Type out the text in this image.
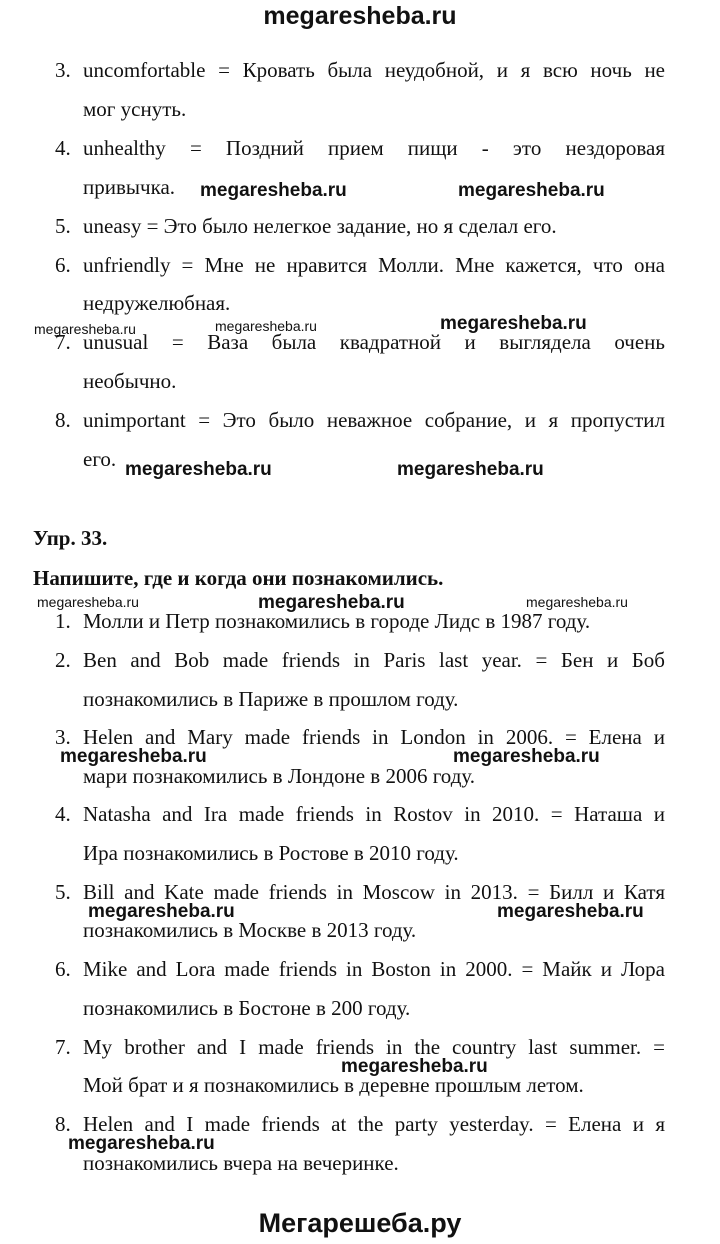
megaresheba.ru
3. uncomfortable = Кровать была неудобной, и я всю ночь не
мог уснуть.
4. unhealthy = Поздний прием пищи - это нездоровая
привычка.
5. uneasy = Это было нелегкое задание, но я сделал его.
6. unfriendly = Мне не нравится Молли. Мне кажется, что она
недружелюбная.
7. unusual = Ваза была квадратной и выглядела очень
необычно.
8. unimportant = Это было неважное собрание, и я пропустил
его.
Упр. 33.
Напишите, где и когда они познакомились.
1. Молли и Петр познакомились в городе Лидс в 1987 году.
2. Ben and Bob made friends in Paris last year. = Бен и Боб
познакомились в Париже в прошлом году.
3. Helen and Mary made friends in London in 2006. = Елена и
мари познакомились в Лондоне в 2006 году.
4. Natasha and Ira made friends in Rostov in 2010. = Наташа и
Ира познакомились в Ростове в 2010 году.
5. Bill and Kate made friends in Moscow in 2013. = Билл и Катя
познакомились в Москве в 2013 году.
6. Mike and Lora made friends in Boston in 2000. = Майк и Лора
познакомились в Бостоне в 200 году.
7. My brother and I made friends in the country last summer. =
Мой брат и я познакомились в деревне прошлым летом.
8. Helen and I made friends at the party yesterday. = Елена и я
познакомились вчера на вечеринке.
megaresheba.ru	megaresheba.ru
megaresheba.ru	megaresheba.ru	megaresheba.ru
megaresheba.ru	megaresheba.ru
megaresheba.ru	megaresheba.ru	megaresheba.ru
megaresheba.ru	megaresheba.ru
megaresheba.ru	megaresheba.ru
megaresheba.ru
megaresheba.ru
Мегарешеба.ру
